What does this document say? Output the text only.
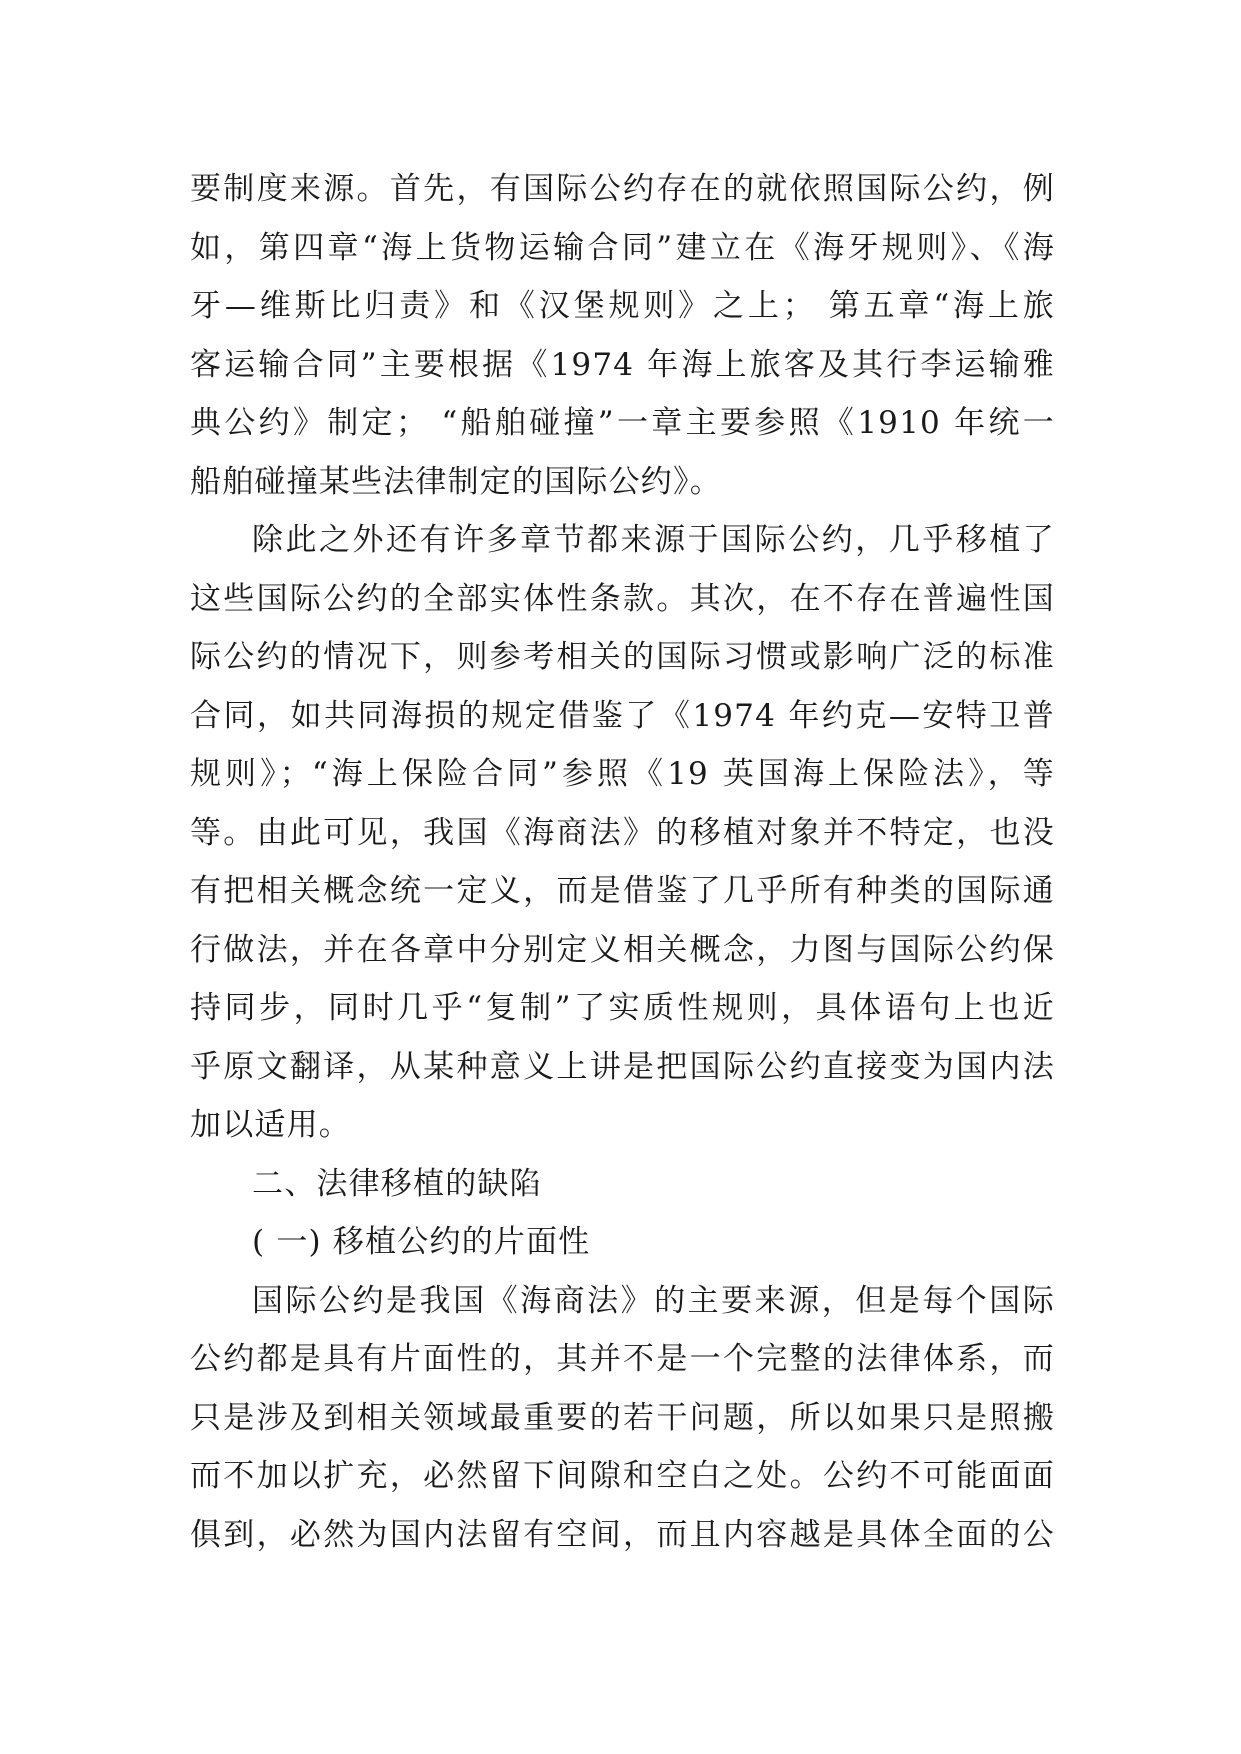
要制度来源。首先，有国际公约存在的就依照国际公约，例
如，第四章“海上货物运输合同”建立在《海牙规则》、《海
牙—维斯比归责》和《汉堡规则》之上； 第五章“海上旅
客运输合同”主要根据《1974 年海上旅客及其行李运输雅
典公约》制定； “船舶碰撞”一章主要参照《1910 年统一
船舶碰撞某些法律制定的国际公约》。
除此之外还有许多章节都来源于国际公约，几乎移植了
这些国际公约的全部实体性条款。其次，在不存在普遍性国
际公约的情况下，则参考相关的国际习惯或影响广泛的标准
合同，如共同海损的规定借鉴了《1974 年约克—安特卫普
规则》；“海上保险合同”参照《19 英国海上保险法》，等
等。由此可见，我国《海商法》的移植对象并不特定，也没
有把相关概念统一定义，而是借鉴了几乎所有种类的国际通
行做法，并在各章中分别定义相关概念，力图与国际公约保
持同步，同时几乎“复制”了实质性规则，具体语句上也近
乎原文翻译，从某种意义上讲是把国际公约直接变为国内法
加以适用。
二、法律移植的缺陷
( 一) 移植公约的片面性
国际公约是我国《海商法》的主要来源，但是每个国际
公约都是具有片面性的，其并不是一个完整的法律体系，而
只是涉及到相关领域最重要的若干问题，所以如果只是照搬
而不加以扩充，必然留下间隙和空白之处。公约不可能面面
俱到，必然为国内法留有空间，而且内容越是具体全面的公
